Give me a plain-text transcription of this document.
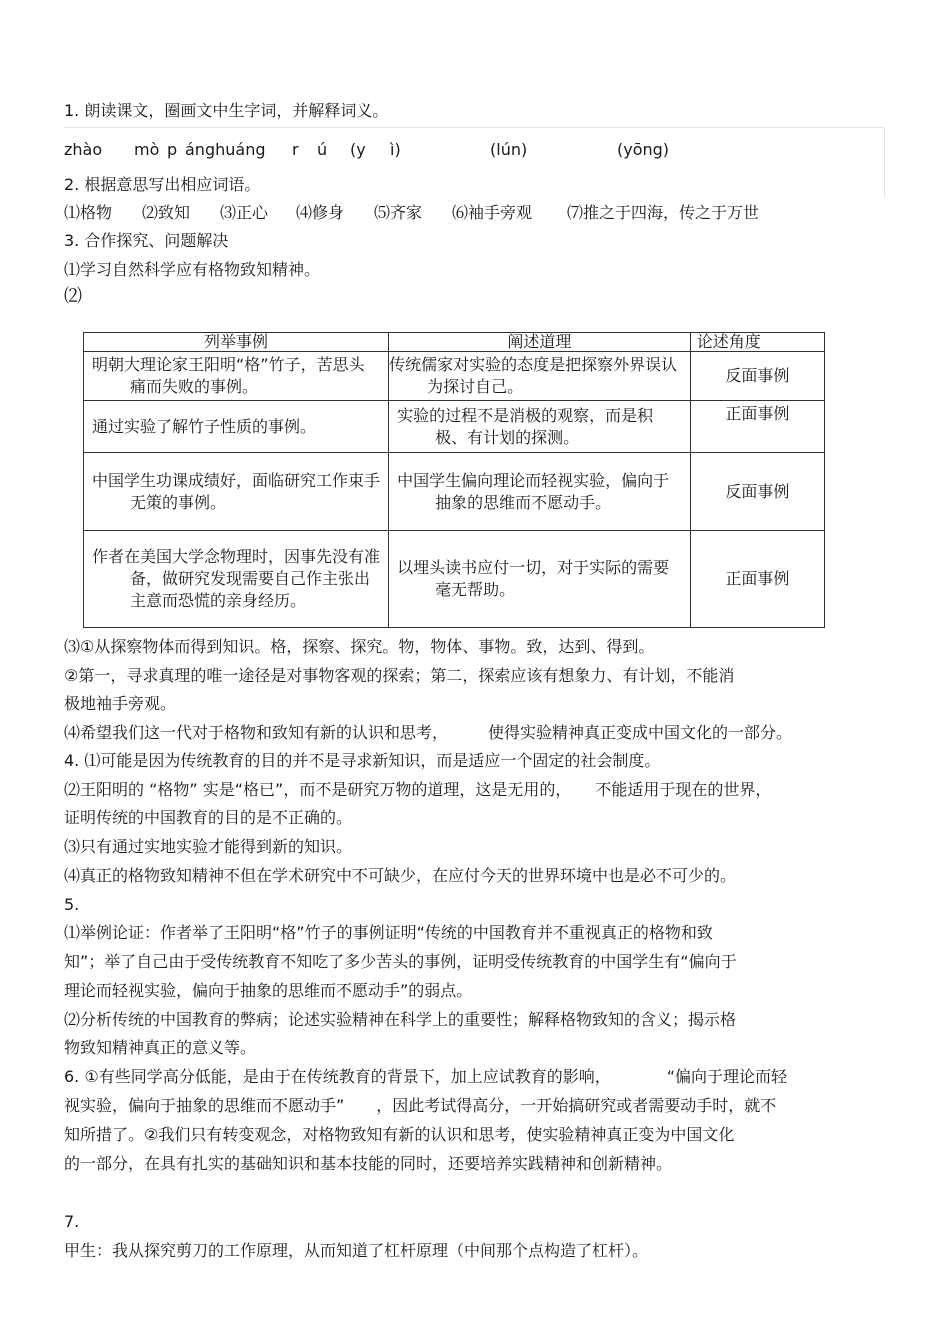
1. 朗读课文，圈画文中生字词，并解释词义。
zhào mò p ánghuáng r ú (y ì)	(lún)	(yōng)
2. 根据意思写出相应词语。
⑴格物 ⑵致知 ⑶正心 ⑷修身 ⑸齐家 ⑹袖手旁观 ⑺推之于四海，传之于万世
3. 合作探究、问题解决
⑴学习自然科学应有格物致知精神。
⑵
列举事例	阐述道理	论述角度
明朝大理论家王阳明“格”竹子，苦思头痛而失败的事例。	传统儒家对实验的态度是把探察外界误认为探讨自己。	反面事例
通过实验了解竹子性质的事例。	实验的过程不是消极的观察，而是积极、有计划的探测。	正面事例
中国学生功课成绩好，面临研究工作束手无策的事例。	中国学生偏向理论而轻视实验，偏向于抽象的思维而不愿动手。	反面事例
作者在美国大学念物理时，因事先没有准备，做研究发现需要自己作主张出主意而恐慌的亲身经历。	以埋头读书应付一切，对于实际的需要毫无帮助。	正面事例
⑶①从探察物体而得到知识。格，探察、探究。物，物体、事物。致，达到、得到。
②第一，寻求真理的唯一途径是对事物客观的探索；第二，探索应该有想象力、有计划，不能消
极地袖手旁观。
⑷希望我们这一代对于格物和致知有新的认识和思考，　　　使得实验精神真正变成中国文化的一部分。
4. ⑴可能是因为传统教育的目的并不是寻求新知识，而是适应一个固定的社会制度。
⑵王阳明的 “格物” 实是“格已”，而不是研究万物的道理，这是无用的，　　不能适用于现在的世界，
证明传统的中国教育的目的是不正确的。
⑶只有通过实地实验才能得到新的知识。
⑷真正的格物致知精神不但在学术研究中不可缺少，在应付今天的世界环境中也是必不可少的。
5.
⑴举例论证：作者举了王阳明“格”竹子的事例证明“传统的中国教育并不重视真正的格物和致
知”；举了自己由于受传统教育不知吃了多少苦头的事例，证明受传统教育的中国学生有“偏向于
理论而轻视实验，偏向于抽象的思维而不愿动手”的弱点。
⑵分析传统的中国教育的弊病；论述实验精神在科学上的重要性；解释格物致知的含义；揭示格
物致知精神真正的意义等。
6. ①有些同学高分低能，是由于在传统教育的背景下，加上应试教育的影响，　　　　“偏向于理论而轻
视实验，偏向于抽象的思维而不愿动手”　　，因此考试得高分，一开始搞研究或者需要动手时，就不
知所措了。②我们只有转变观念，对格物致知有新的认识和思考，使实验精神真正变为中国文化
的一部分，在具有扎实的基础知识和基本技能的同时，还要培养实践精神和创新精神。
7.
甲生：我从探究剪刀的工作原理，从而知道了杠杆原理（中间那个点构造了杠杆）。
